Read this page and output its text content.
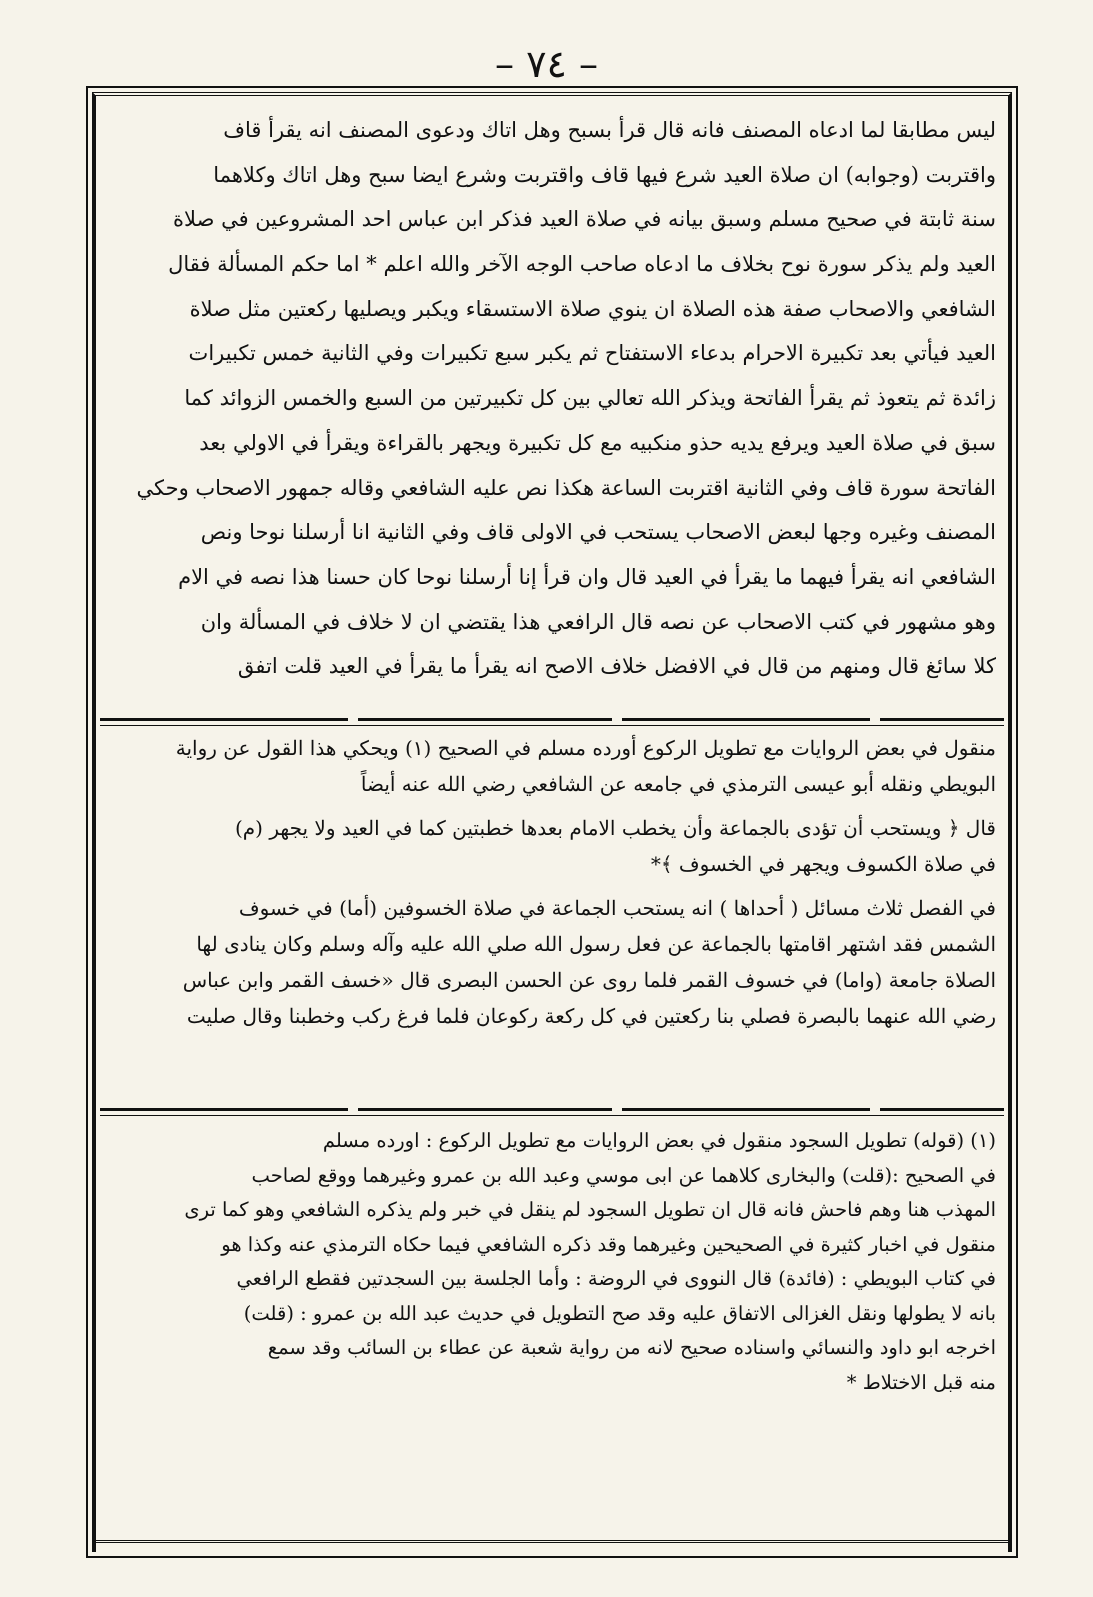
– ٧٤ –
ليس مطابقا لما ادعاه المصنف فانه قال قرأ بسبح وهل اتاك ودعوى المصنف انه يقرأ قاف
واقتربت (وجوابه) ان صلاة العيد شرع فيها قاف واقتربت وشرع ايضا سبح وهل اتاك وكلاهما
سنة ثابتة في صحيح مسلم وسبق بيانه في صلاة العيد فذكر ابن عباس احد المشروعين في صلاة
العيد ولم يذكر سورة نوح بخلاف ما ادعاه صاحب الوجه الآخر والله اعلم * اما حكم المسألة فقال
الشافعي والاصحاب صفة هذه الصلاة ان ينوي صلاة الاستسقاء ويكبر ويصليها ركعتين مثل صلاة
العيد فيأتي بعد تكبيرة الاحرام بدعاء الاستفتاح ثم يكبر سبع تكبيرات وفي الثانية خمس تكبيرات
زائدة ثم يتعوذ ثم يقرأ الفاتحة ويذكر الله تعالي بين كل تكبيرتين من السبع والخمس الزوائد كما
سبق في صلاة العيد ويرفع يديه حذو منكبيه مع كل تكبيرة ويجهر بالقراءة ويقرأ في الاولي بعد
الفاتحة سورة قاف وفي الثانية اقتربت الساعة هكذا نص عليه الشافعي وقاله جمهور الاصحاب وحكي
المصنف وغيره وجها لبعض الاصحاب يستحب في الاولى قاف وفي الثانية انا أرسلنا نوحا ونص
الشافعي انه يقرأ فيهما ما يقرأ في العيد قال وان قرأ إنا أرسلنا نوحا كان حسنا هذا نصه في الام
وهو مشهور في كتب الاصحاب عن نصه قال الرافعي هذا يقتضي ان لا خلاف في المسألة وان
كلا سائغ قال ومنهم من قال في الافضل خلاف الاصح انه يقرأ ما يقرأ في العيد قلت اتفق
منقول في بعض الروايات مع تطويل الركوع أورده مسلم في الصحيح (١) ويحكي هذا القول عن رواية
البويطي ونقله أبو عيسى الترمذي في جامعه عن الشافعي رضي الله عنه أيضاً
قال ﴿ ويستحب أن تؤدى بالجماعة وأن يخطب الامام بعدها خطبتين كما في العيد ولا يجهر (م)
في صلاة الكسوف ويجهر في الخسوف ﴾*
في الفصل ثلاث مسائل ( أحداها ) انه يستحب الجماعة في صلاة الخسوفين (أما) في خسوف
الشمس فقد اشتهر اقامتها بالجماعة عن فعل رسول الله صلي الله عليه وآله وسلم وكان ينادى لها
الصلاة جامعة (واما) في خسوف القمر فلما روى عن الحسن البصرى قال «خسف القمر وابن عباس
رضي الله عنهما بالبصرة فصلي بنا ركعتين في كل ركعة ركوعان فلما فرغ ركب وخطبنا وقال صليت
(١) (قوله) تطويل السجود منقول في بعض الروايات مع تطويل الركوع : اورده مسلم
في الصحيح :(قلت) والبخارى كلاهما عن ابى موسي وعبد الله بن عمرو وغيرهما ووقع لصاحب
المهذب هنا وهم فاحش فانه قال ان تطويل السجود لم ينقل في خبر ولم يذكره الشافعي وهو كما ترى
منقول في اخبار كثيرة في الصحيحين وغيرهما وقد ذكره الشافعي فيما حكاه الترمذي عنه وكذا هو
في كتاب البويطي : (فائدة) قال النووى في الروضة : وأما الجلسة بين السجدتين فقطع الرافعي
بانه لا يطولها ونقل الغزالى الاتفاق عليه وقد صح التطويل في حديث عبد الله بن عمرو : (قلت)
اخرجه ابو داود والنسائي واسناده صحيح لانه من رواية شعبة عن عطاء بن السائب وقد سمع
منه قبل الاختلاط *
